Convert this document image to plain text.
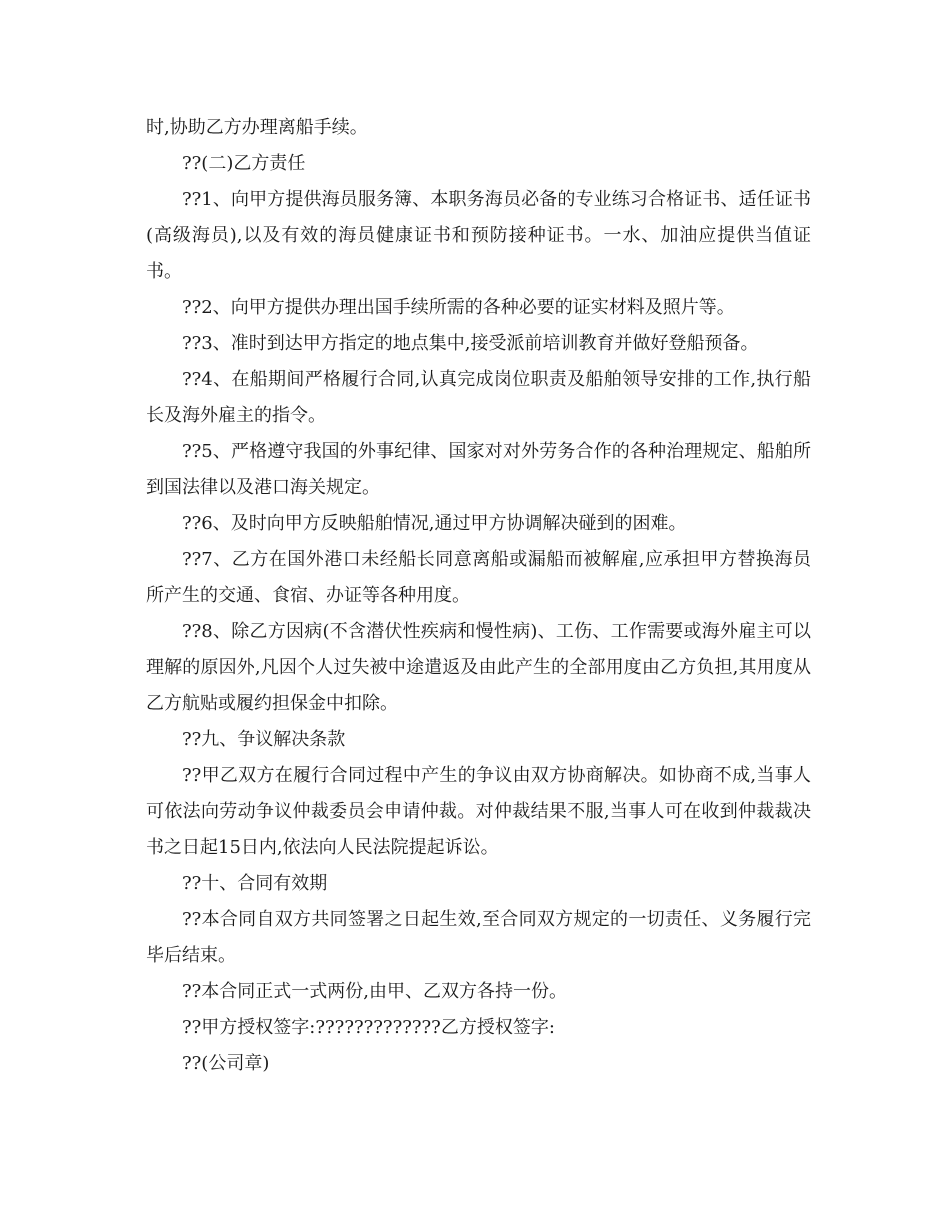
时,协助乙方办理离船手续。

??(二)乙方责任

??1、向甲方提供海员服务簿、本职务海员必备的专业练习合格证书、适任证书(高级海员),以及有效的海员健康证书和预防接种证书。一水、加油应提供当值证书。

??2、向甲方提供办理出国手续所需的各种必要的证实材料及照片等。

??3、准时到达甲方指定的地点集中,接受派前培训教育并做好登船预备。

??4、在船期间严格履行合同,认真完成岗位职责及船舶领导安排的工作,执行船长及海外雇主的指令。

??5、严格遵守我国的外事纪律、国家对对外劳务合作的各种治理规定、船舶所到国法律以及港口海关规定。

??6、及时向甲方反映船舶情况,通过甲方协调解决碰到的困难。

??7、乙方在国外港口未经船长同意离船或漏船而被解雇,应承担甲方替换海员所产生的交通、食宿、办证等各种用度。

??8、除乙方因病(不含潜伏性疾病和慢性病)、工伤、工作需要或海外雇主可以理解的原因外,凡因个人过失被中途遣返及由此产生的全部用度由乙方负担,其用度从乙方航贴或履约担保金中扣除。

??九、争议解决条款

??甲乙双方在履行合同过程中产生的争议由双方协商解决。如协商不成,当事人可依法向劳动争议仲裁委员会申请仲裁。对仲裁结果不服,当事人可在收到仲裁裁决书之日起15日内,依法向人民法院提起诉讼。

??十、合同有效期

??本合同自双方共同签署之日起生效,至合同双方规定的一切责任、义务履行完毕后结束。

??本合同正式一式两份,由甲、乙双方各持一份。

??甲方授权签字:?????????????乙方授权签字:

??(公司章)
